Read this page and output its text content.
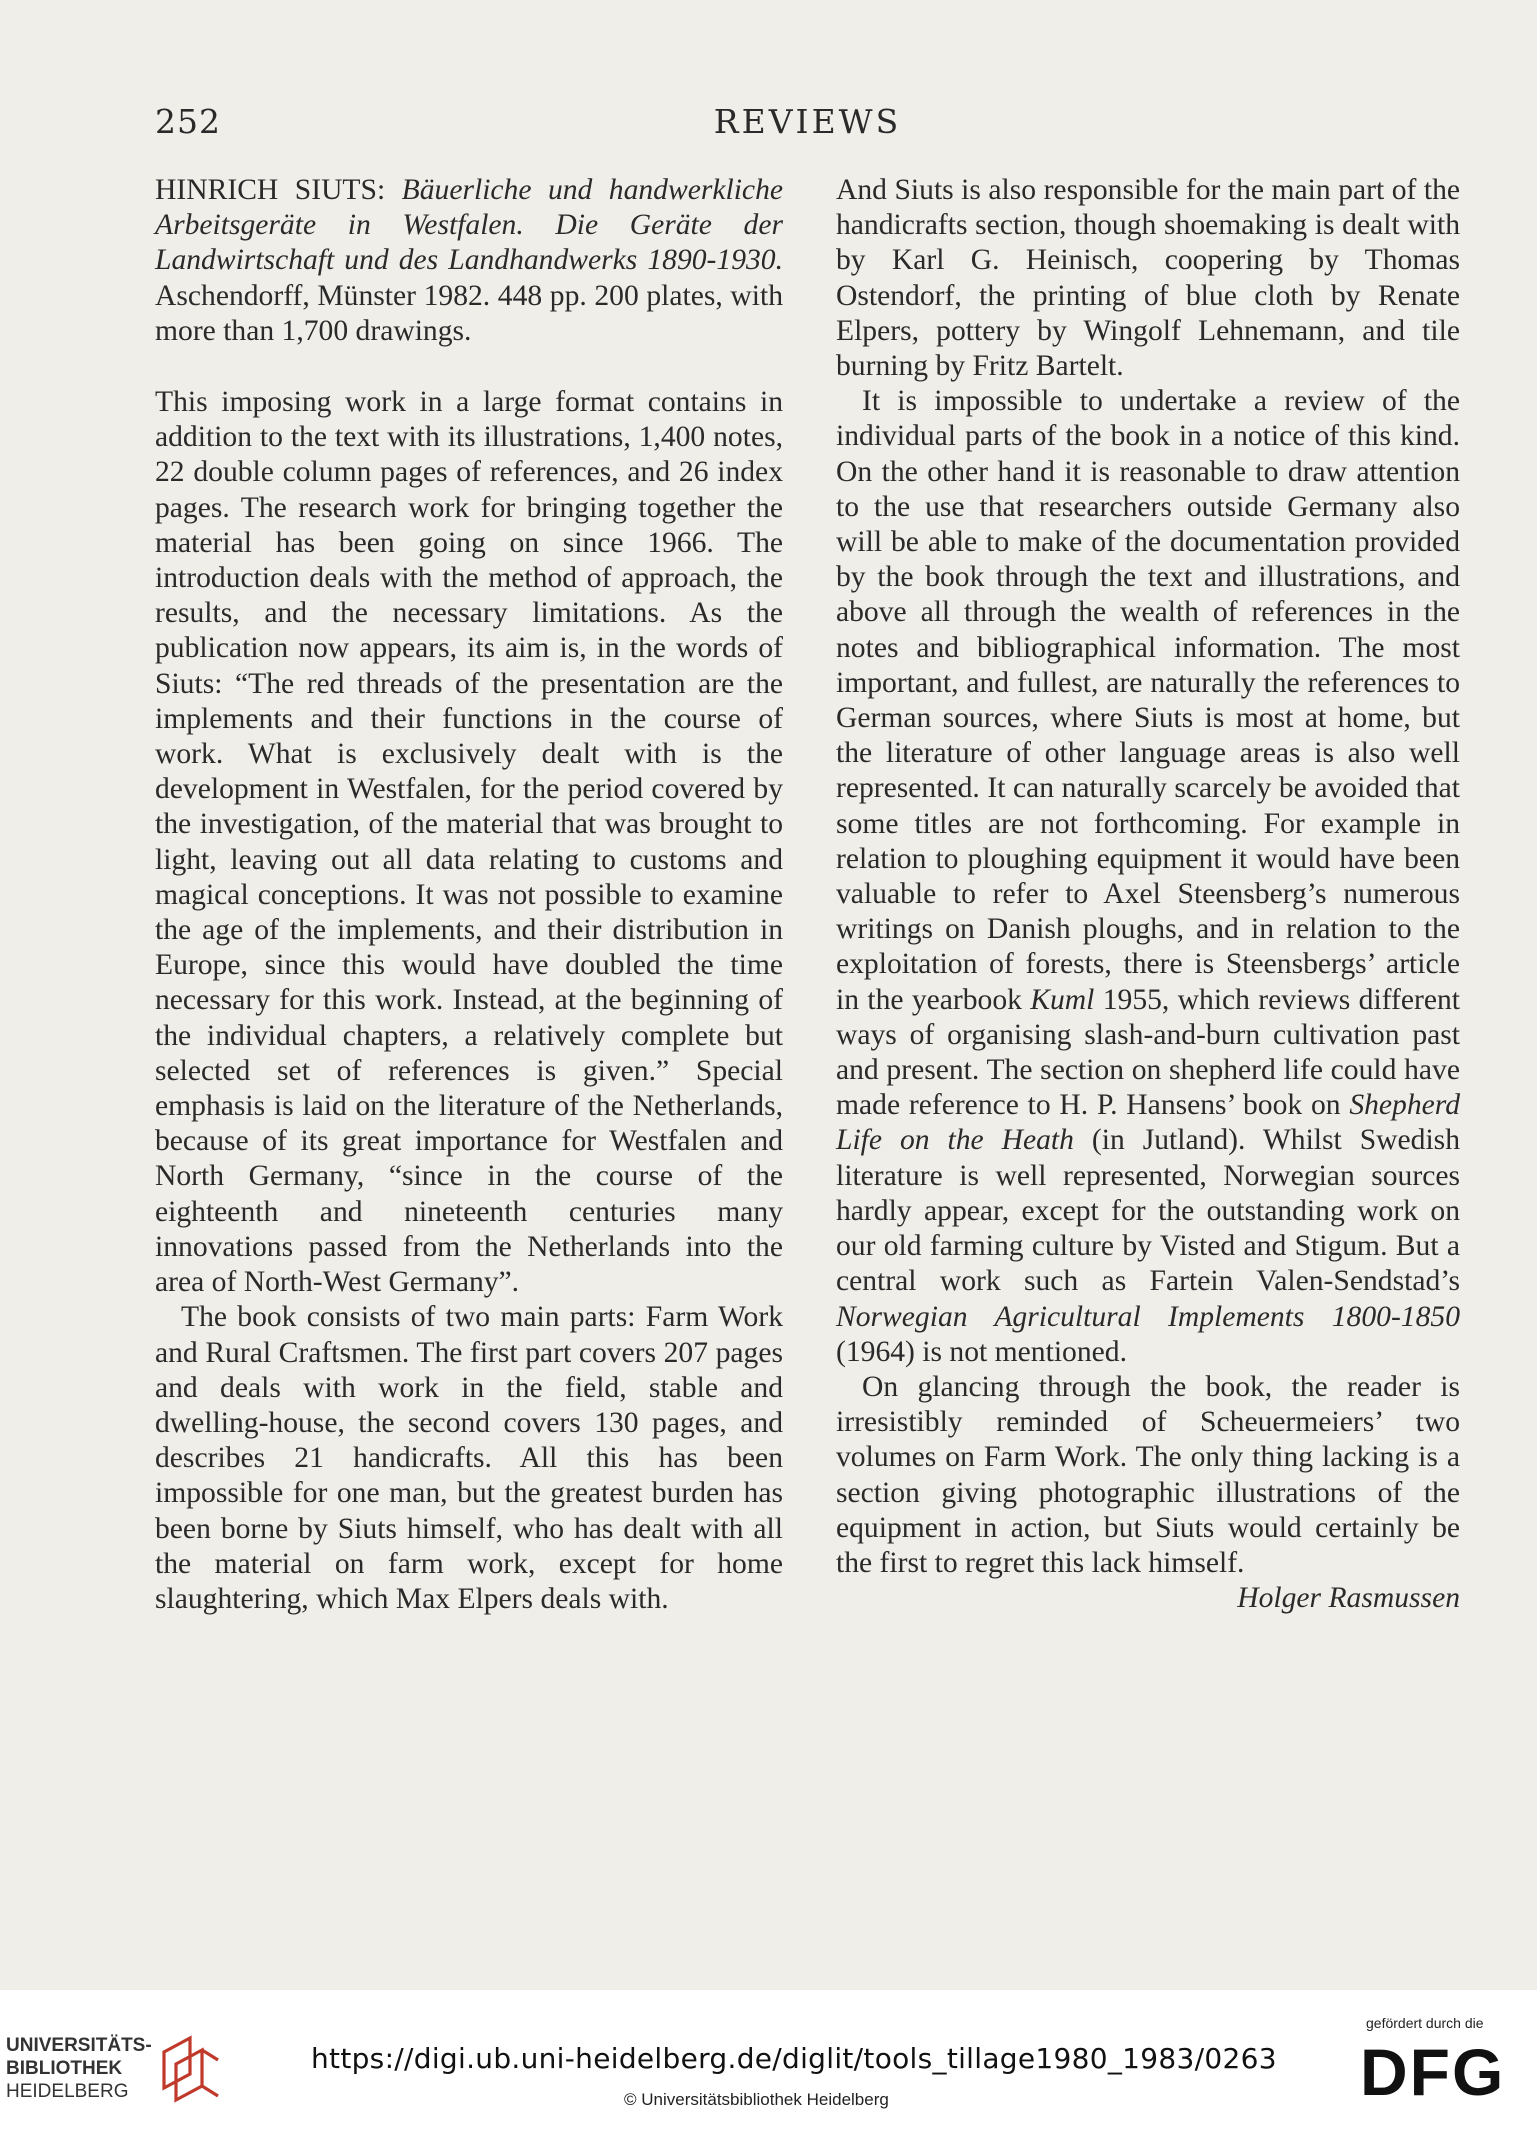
252	REVIEWS

HINRICH SIUTS: Bäuerliche und handwerkliche Arbeitsgeräte in Westfalen. Die Geräte der Landwirtschaft und des Landhandwerks 1890-1930. Aschendorff, Münster 1982. 448 pp. 200 plates, with more than 1,700 drawings.

This imposing work in a large format contains in addition to the text with its illustrations, 1,400 notes, 22 double column pages of references, and 26 index pages. The research work for bringing together the material has been going on since 1966. The introduction deals with the method of approach, the results, and the necessary limitations. As the publication now appears, its aim is, in the words of Siuts: “The red threads of the presentation are the implements and their functions in the course of work. What is exclusively dealt with is the development in Westfalen, for the period covered by the investigation, of the material that was brought to light, leaving out all data relating to customs and magical conceptions. It was not possible to examine the age of the implements, and their distribution in Europe, since this would have doubled the time necessary for this work. Instead, at the beginning of the individual chapters, a relatively complete but selected set of references is given.” Special emphasis is laid on the literature of the Netherlands, because of its great importance for Westfalen and North Germany, “since in the course of the eighteenth and nineteenth centuries many innovations passed from the Netherlands into the area of North-West Germany”.

The book consists of two main parts: Farm Work and Rural Craftsmen. The first part covers 207 pages and deals with work in the field, stable and dwelling-house, the second covers 130 pages, and describes 21 handicrafts. All this has been impossible for one man, but the greatest burden has been borne by Siuts himself, who has dealt with all the material on farm work, except for home slaughtering, which Max Elpers deals with.

And Siuts is also responsible for the main part of the handicrafts section, though shoemaking is dealt with by Karl G. Heinisch, coopering by Thomas Ostendorf, the printing of blue cloth by Renate Elpers, pottery by Wingolf Lehnemann, and tile burning by Fritz Bartelt.

It is impossible to undertake a review of the individual parts of the book in a notice of this kind. On the other hand it is reasonable to draw attention to the use that researchers outside Germany also will be able to make of the documentation provided by the book through the text and illustrations, and above all through the wealth of references in the notes and bibliographical information. The most important, and fullest, are naturally the references to German sources, where Siuts is most at home, but the literature of other language areas is also well represented. It can naturally scarcely be avoided that some titles are not forthcoming. For example in relation to ploughing equipment it would have been valuable to refer to Axel Steensberg’s numerous writings on Danish ploughs, and in relation to the exploitation of forests, there is Steensbergs’ article in the yearbook Kuml 1955, which reviews different ways of organising slash-and-burn cultivation past and present. The section on shepherd life could have made reference to H. P. Hansens’ book on Shepherd Life on the Heath (in Jutland). Whilst Swedish literature is well represented, Norwegian sources hardly appear, except for the outstanding work on our old farming culture by Visted and Stigum. But a central work such as Fartein Valen-Sendstad’s Norwegian Agricultural Implements 1800-1850 (1964) is not mentioned.

On glancing through the book, the reader is irresistibly reminded of Scheuermeiers’ two volumes on Farm Work. The only thing lacking is a section giving photographic illustrations of the equipment in action, but Siuts would certainly be the first to regret this lack himself.

Holger Rasmussen

UNIVERSITÄTS-
BIBLIOTHEK
HEIDELBERG
https://digi.ub.uni-heidelberg.de/diglit/tools_tillage1980_1983/0263
© Universitätsbibliothek Heidelberg
gefördert durch die
DFG
